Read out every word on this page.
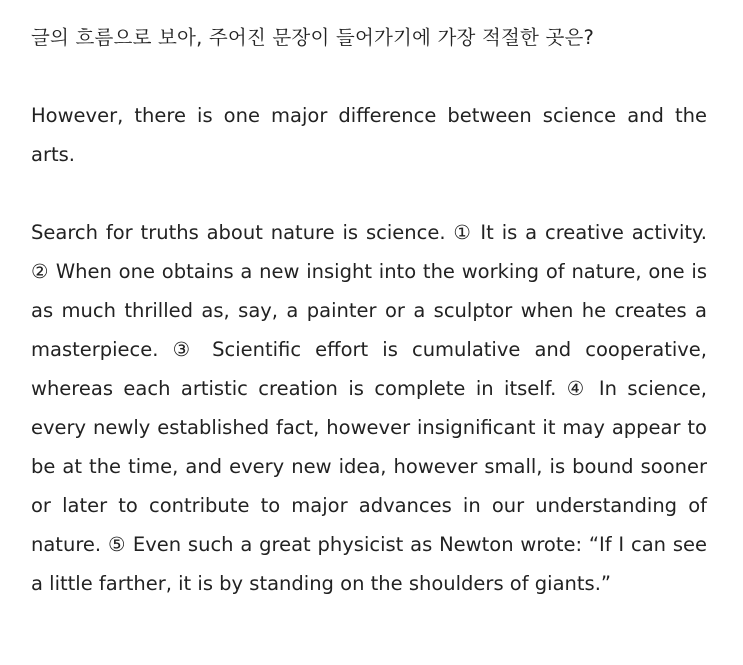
글의 흐름으로 보아, 주어진 문장이 들어가기에 가장 적절한 곳은?

However, there is one major difference between science and the arts.

Search for truths about nature is science. ① It is a creative activity. ② When one obtains a new insight into the working of nature, one is as much thrilled as, say, a painter or a sculptor when he creates a masterpiece. ③ Scientific effort is cumulative and cooperative, whereas each artistic creation is complete in itself. ④ In science, every newly established fact, however insignificant it may appear to be at the time, and every new idea, however small, is bound sooner or later to contribute to major advances in our understanding of nature. ⑤ Even such a great physicist as Newton wrote: “If I can see a little farther, it is by standing on the shoulders of giants.”
